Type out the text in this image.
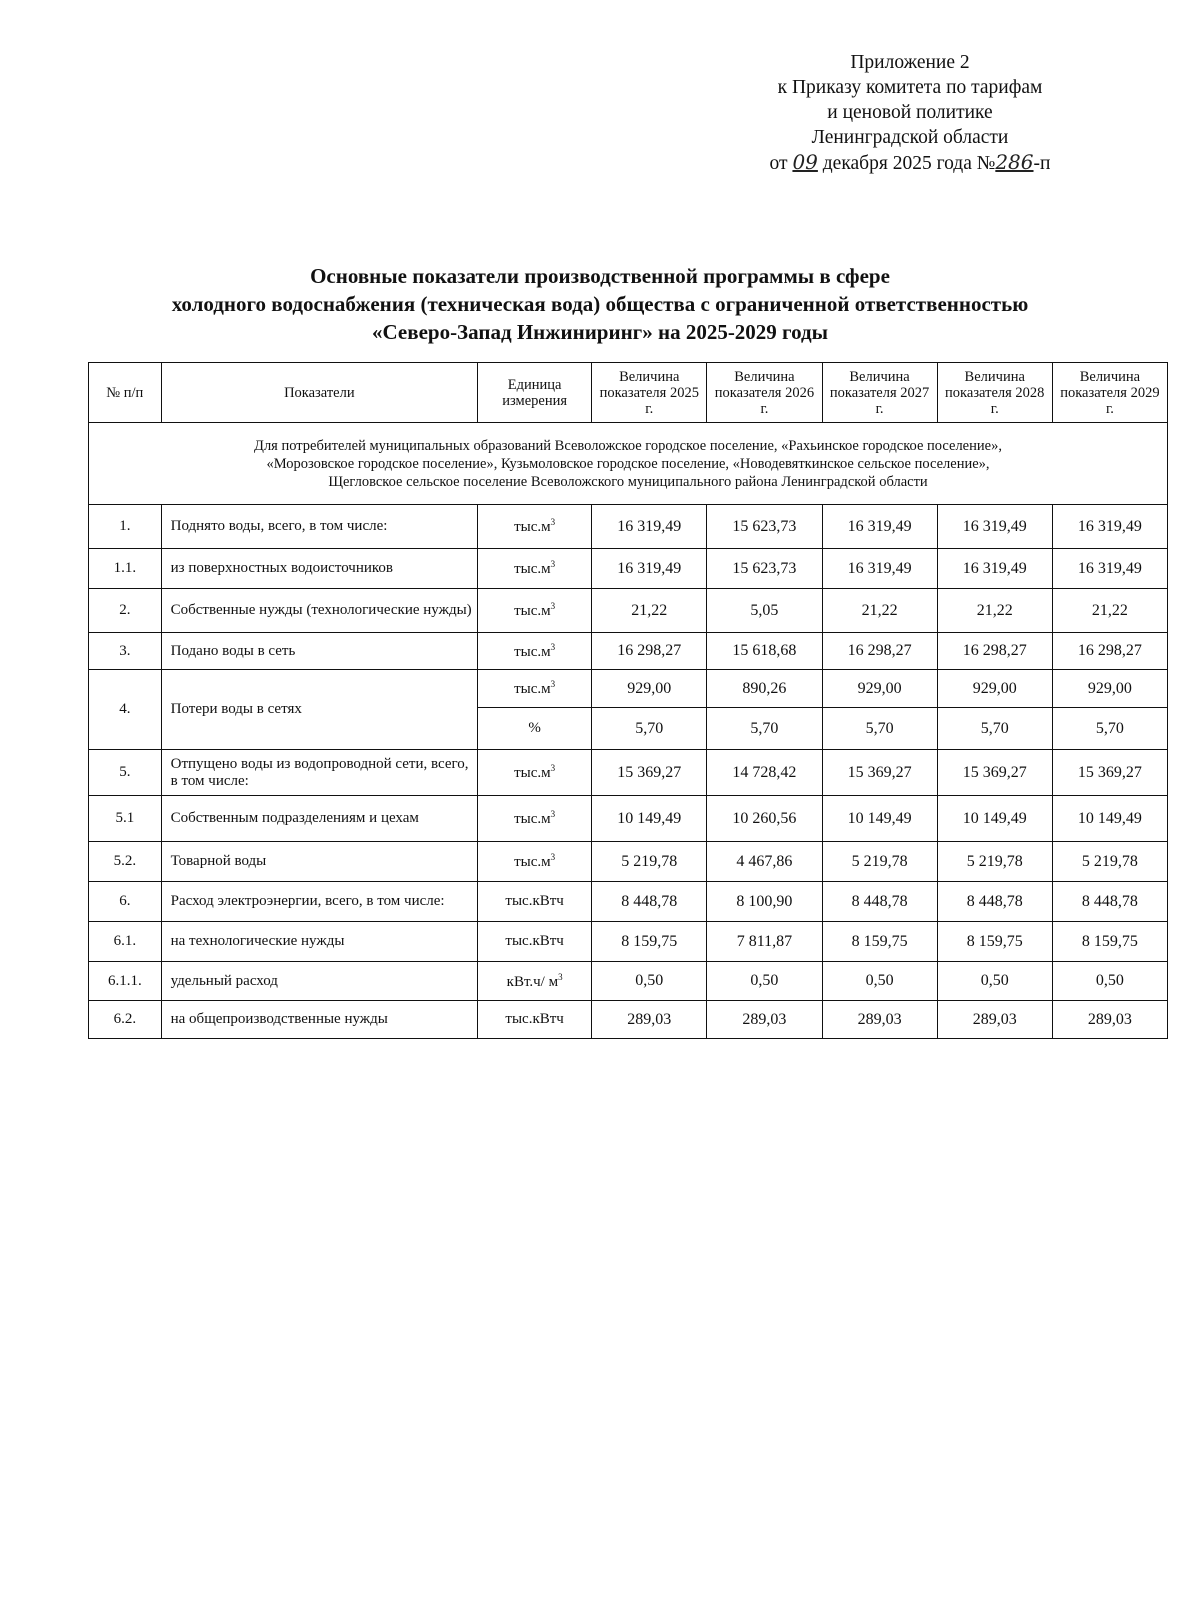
Приложение 2
к Приказу комитета по тарифам
и ценовой политике
Ленинградской области
от 09 декабря 2025 года №286-п
Основные показатели производственной программы в сфере
холодного водоснабжения (техническая вода) общества с ограниченной ответственностью
«Северо-Запад Инжиниринг» на 2025-2029 годы
№ п/п	Показатели	Единица измерения	Величина показателя 2025 г.	Величина показателя 2026 г.	Величина показателя 2027 г.	Величина показателя 2028 г.	Величина показателя 2029 г.

Для потребителей муниципальных образований Всеволожское городское поселение, «Рахьинское городское поселение»,
«Морозовское городское поселение», Кузьмоловское городское поселение, «Новодевяткинское сельское поселение»,
Щегловское сельское поселение Всеволожского муниципального района Ленинградской области							

1.	Поднято воды, всего, в том числе:	$тыс.м^3$	16 319,49	15 623,73	16 319,49	16 319,49	16 319,49
1.1.	из поверхностных водоисточников	$тыс.м^3$	16 319,49	15 623,73	16 319,49	16 319,49	16 319,49
2.	Собственные нужды (технологические нужды)	$тыс.м^3$	21,22	5,05	21,22	21,22	21,22
3.	Подано воды в сеть	$тыс.м^3$	16 298,27	15 618,68	16 298,27	16 298,27	16 298,27
4.	Потери воды в сетях	$тыс.м^3$	929,00	890,26	929,00	929,00	929,00
		%	5,70	5,70	5,70	5,70	5,70
5.	Отпущено воды из водопроводной сети, всего, в том числе:	$тыс.м^3$	15 369,27	14 728,42	15 369,27	15 369,27	15 369,27
5.1	Собственным подразделениям и цехам	$тыс.м^3$	10 149,49	10 260,56	10 149,49	10 149,49	10 149,49
5.2.	Товарной воды	$тыс.м^3$	5 219,78	4 467,86	5 219,78	5 219,78	5 219,78
6.	Расход электроэнергии, всего, в том числе:	тыс.кВтч	8 448,78	8 100,90	8 448,78	8 448,78	8 448,78
6.1.	на технологические нужды	тыс.кВтч	8 159,75	7 811,87	8 159,75	8 159,75	8 159,75
6.1.1.	удельный расход	кВт.ч/ $м^3$	0,50	0,50	0,50	0,50	0,50
6.2.	на общепроизводственные нужды	тыс.кВтч	289,03	289,03	289,03	289,03	289,03
